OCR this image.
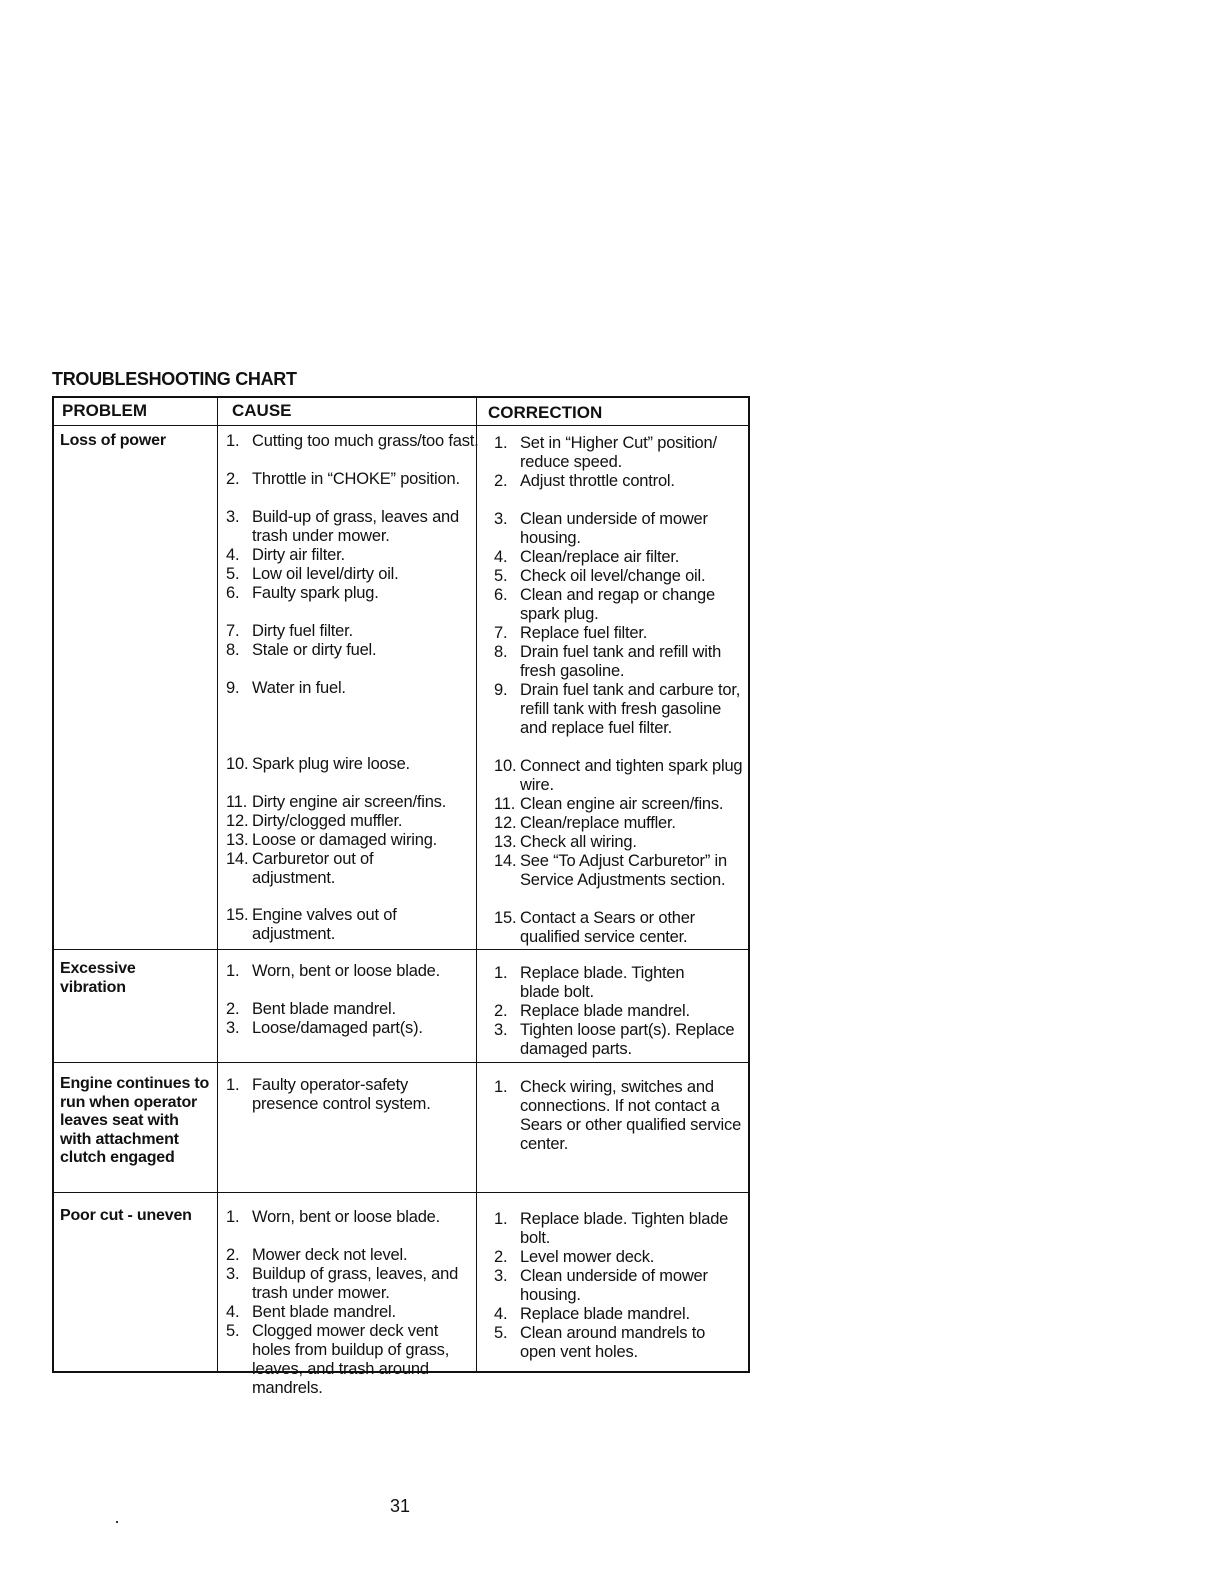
TROUBLESHOOTING CHART
PROBLEM	CAUSE	CORRECTION
Loss of power
Excessive vibration
Engine continues to run when operator leaves seat with with attachment clutch engaged
Poor cut - uneven
1. Cutting too much grass/too fast.
2. Throttle in “CHOKE” position.
3. Build-up of grass, leaves and trash under mower.
4. Dirty air filter.
5. Low oil level/dirty oil.
6. Faulty spark plug.
7. Dirty fuel filter.
8. Stale or dirty fuel.
9. Water in fuel.
10. Spark plug wire loose.
11. Dirty engine air screen/fins.
12. Dirty/clogged muffler.
13. Loose or damaged wiring.
14. Carburetor out of adjustment.
15. Engine valves out of adjustment.
1. Worn, bent or loose blade.
2. Bent blade mandrel.
3. Loose/damaged part(s).
1. Faulty operator-safety presence control system.
1. Worn, bent or loose blade.
2. Mower deck not level.
3. Buildup of grass, leaves, and trash under mower.
4. Bent blade mandrel.
5. Clogged mower deck vent holes from buildup of grass, leaves, and trash around mandrels.
1. Set in “Higher Cut” position/ reduce speed.
2. Adjust throttle control.
3. Clean underside of mower housing.
4. Clean/replace air filter.
5. Check oil level/change oil.
6. Clean and regap or change spark plug.
7. Replace fuel filter.
8. Drain fuel tank and refill with fresh gasoline.
9. Drain fuel tank and carbure tor, refill tank with fresh gasoline and replace fuel filter.
10. Connect and tighten spark plug wire.
11. Clean engine air screen/fins.
12. Clean/replace muffler.
13. Check all wiring.
14. See “To Adjust Carburetor” in Service Adjustments section.
15. Contact a Sears or other qualified service center.
1. Replace blade. Tighten blade bolt.
2. Replace blade mandrel.
3. Tighten loose part(s). Replace damaged parts.
1. Check wiring, switches and connections. If not contact a Sears or other qualified service center.
1. Replace blade. Tighten blade bolt.
2. Level mower deck.
3. Clean underside of mower housing.
4. Replace blade mandrel.
5. Clean around mandrels to open vent holes.
31
